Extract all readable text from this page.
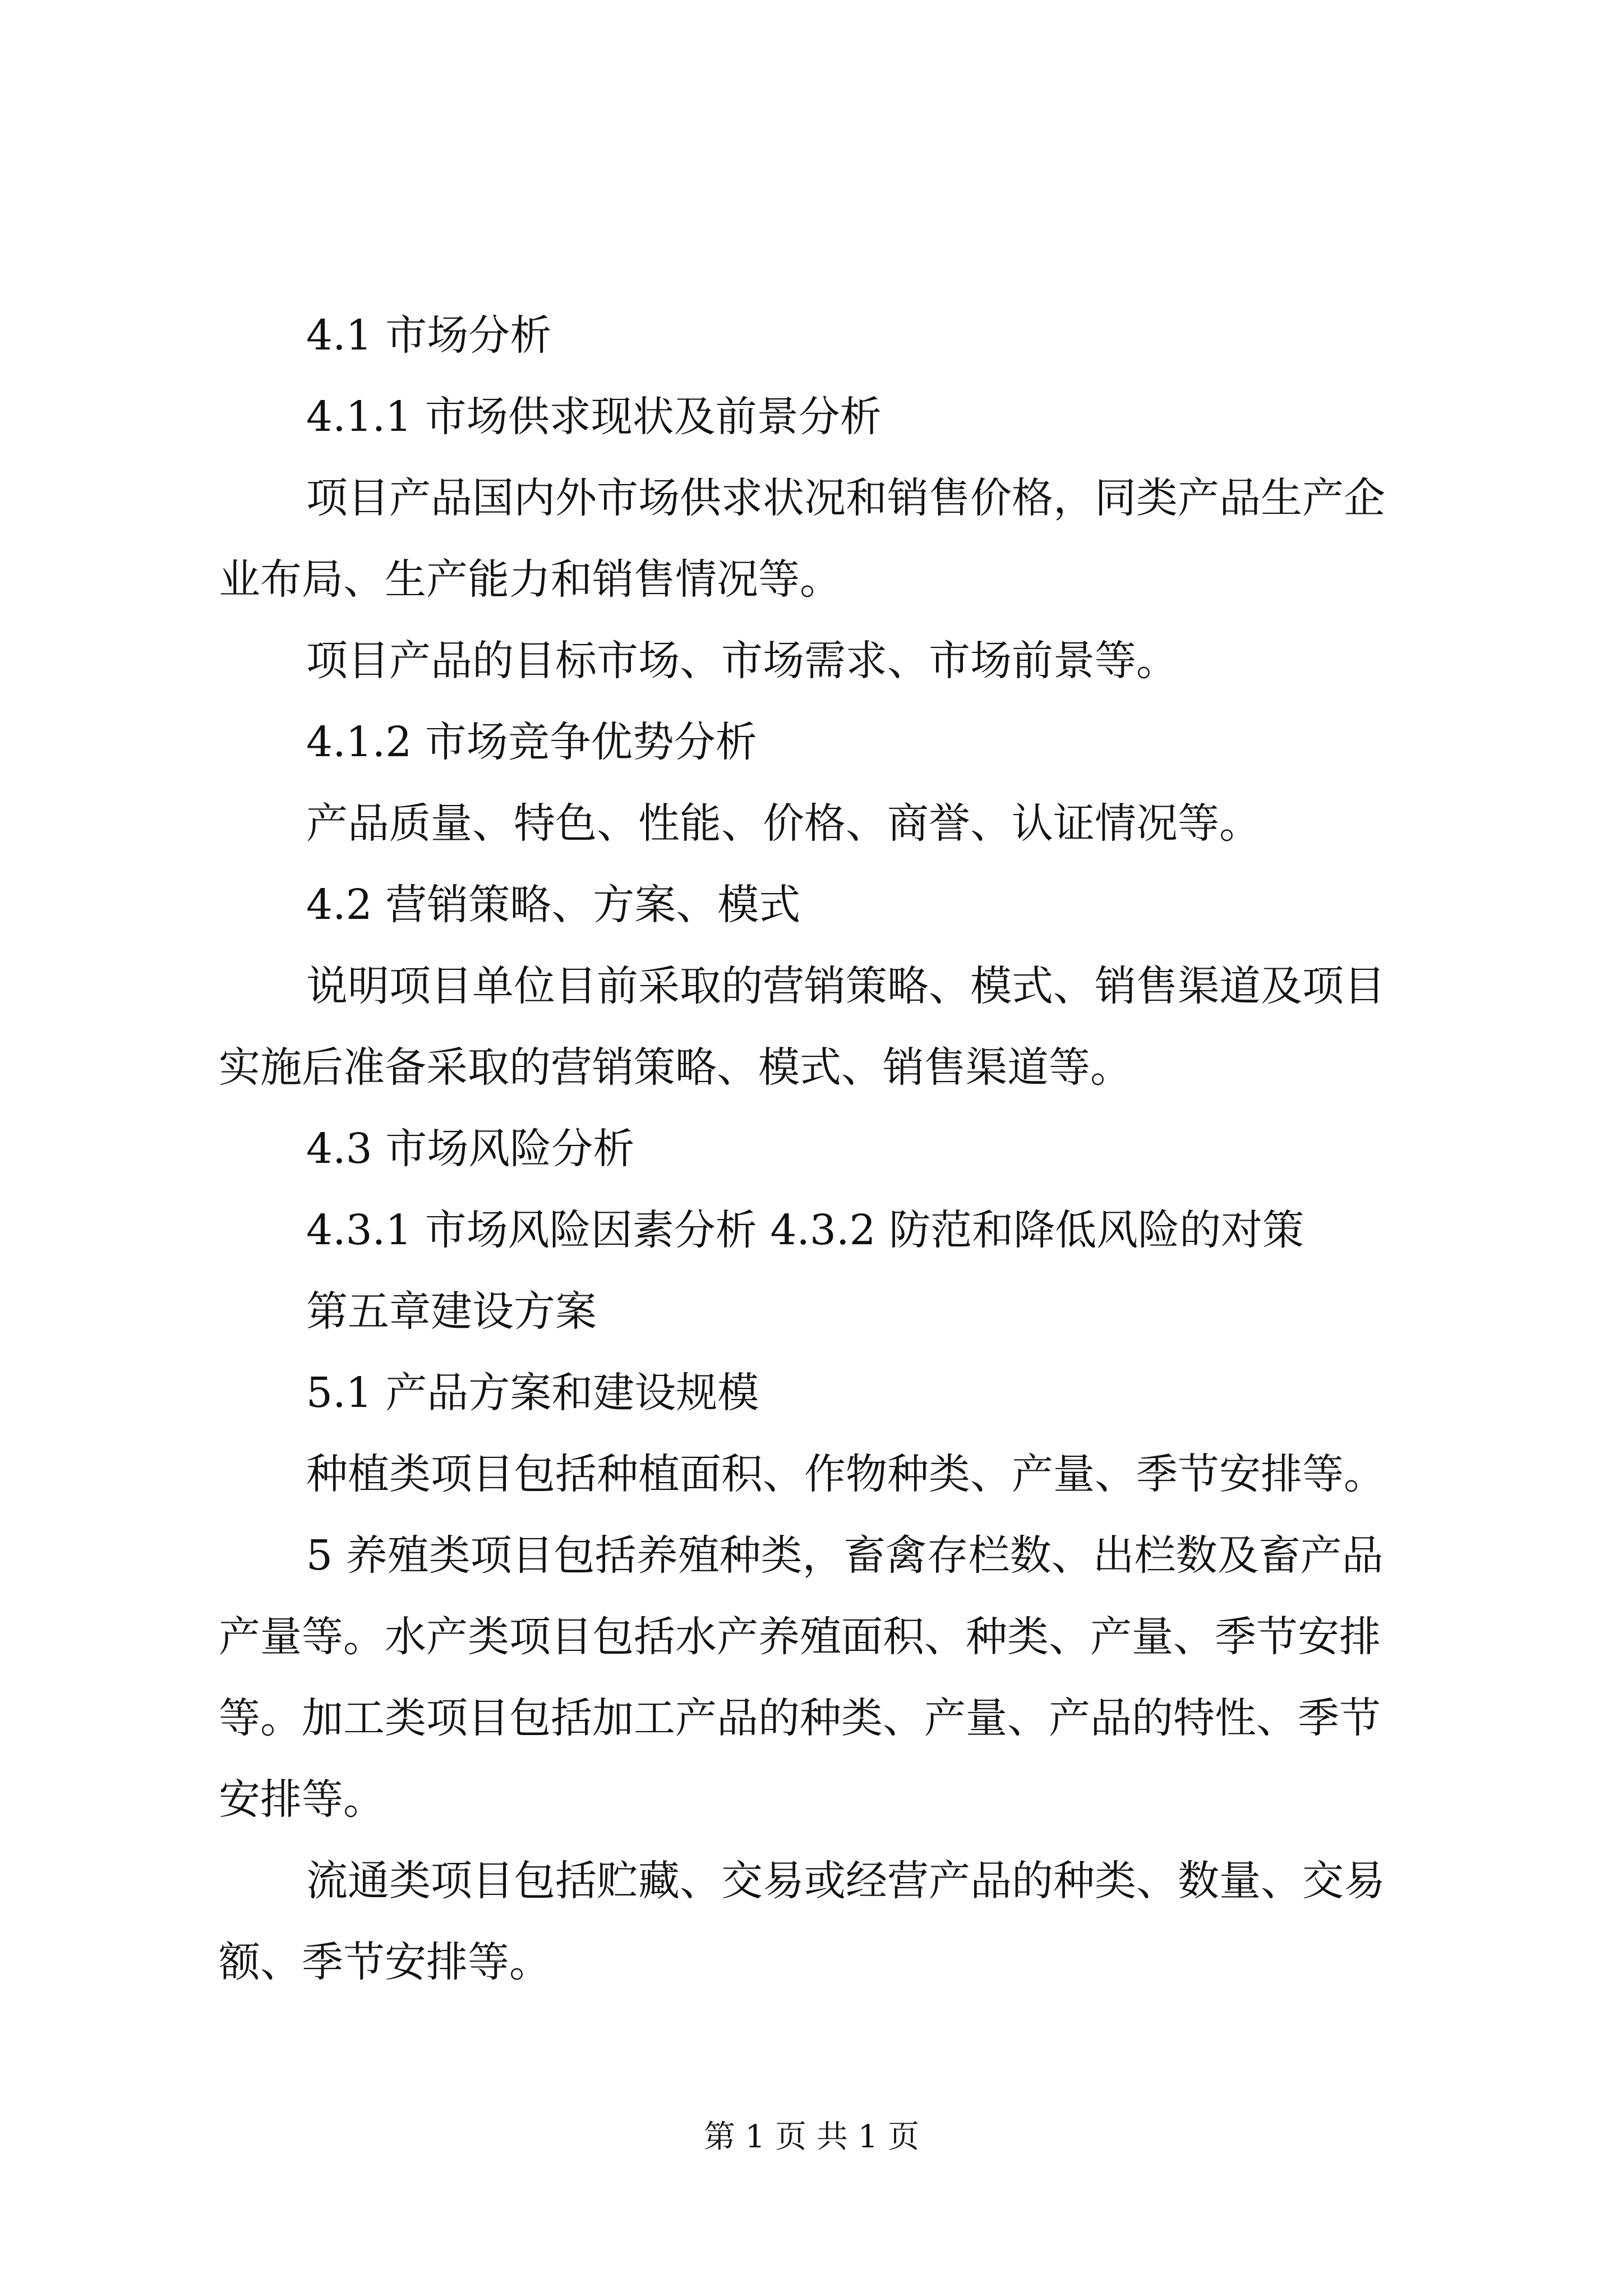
4.1 市场分析
4.1.1 市场供求现状及前景分析
项目产品国内外市场供求状况和销售价格，同类产品生产企
业布局、生产能力和销售情况等。
项目产品的目标市场、市场需求、市场前景等。
4.1.2 市场竞争优势分析
产品质量、特色、性能、价格、商誉、认证情况等。
4.2 营销策略、方案、模式
说明项目单位目前采取的营销策略、模式、销售渠道及项目
实施后准备采取的营销策略、模式、销售渠道等。
4.3 市场风险分析
4.3.1 市场风险因素分析 4.3.2 防范和降低风险的对策
第五章建设方案
5.1 产品方案和建设规模
种植类项目包括种植面积、作物种类、产量、季节安排等。
5 养殖类项目包括养殖种类，畜禽存栏数、出栏数及畜产品
产量等。水产类项目包括水产养殖面积、种类、产量、季节安排
等。加工类项目包括加工产品的种类、产量、产品的特性、季节
安排等。
流通类项目包括贮藏、交易或经营产品的种类、数量、交易
额、季节安排等。
第 1 页 共 1 页
